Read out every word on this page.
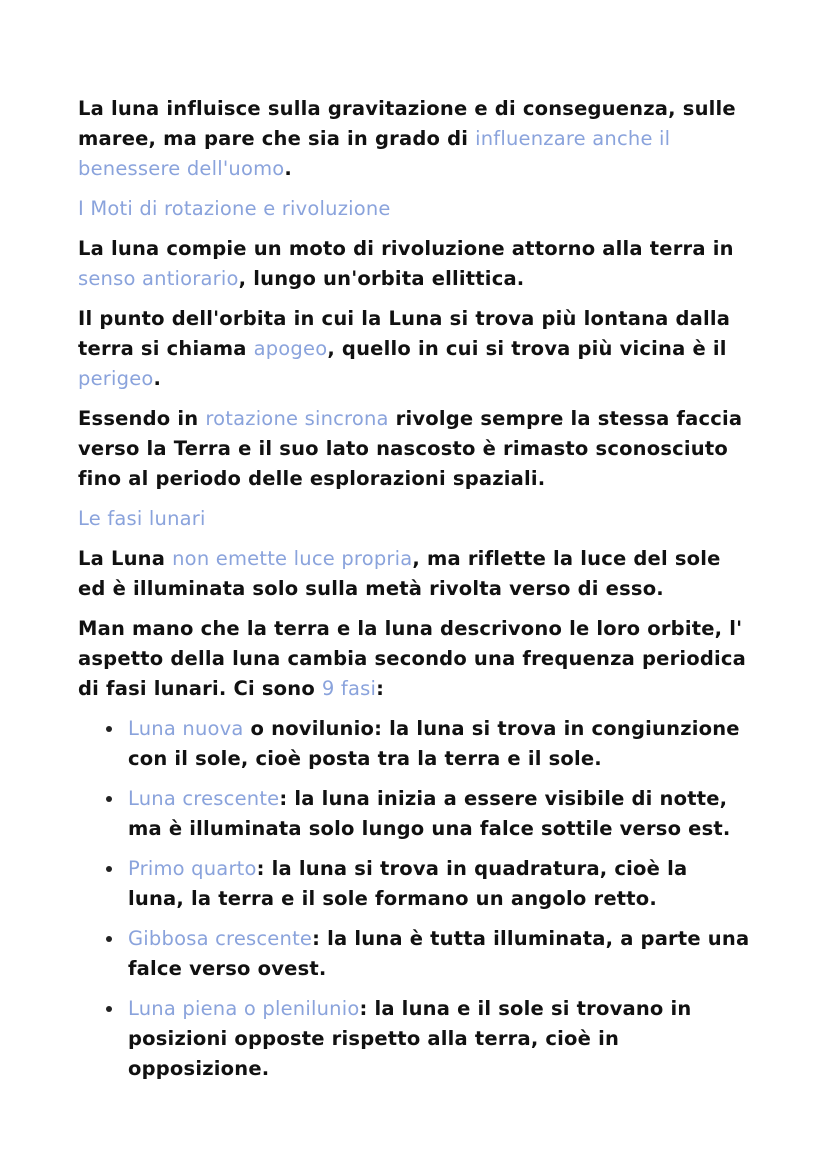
La luna influisce sulla gravitazione e di conseguenza, sulle maree, ma pare che sia in grado di influenzare anche il benessere dell'uomo.

I Moti di rotazione e rivoluzione

La luna compie un moto di rivoluzione attorno alla terra in senso antiorario, lungo un'orbita ellittica.

Il punto dell'orbita in cui la Luna si trova più lontana dalla terra si chiama apogeo, quello in cui si trova più vicina è il perigeo.

Essendo in rotazione sincrona rivolge sempre la stessa faccia verso la Terra e il suo lato nascosto è rimasto sconosciuto fino al periodo delle esplorazioni spaziali.

Le fasi lunari

La Luna non emette luce propria, ma riflette la luce del sole ed è illuminata solo sulla metà rivolta verso di esso.

Man mano che la terra e la luna descrivono le loro orbite, l' aspetto della luna cambia secondo una frequenza periodica di fasi lunari. Ci sono 9 fasi:

Luna nuova o novilunio: la luna si trova in congiunzione con il sole, cioè posta tra la terra e il sole.
Luna crescente: la luna inizia a essere visibile di notte, ma è illuminata solo lungo una falce sottile verso est.
Primo quarto: la luna si trova in quadratura, cioè la luna, la terra e il sole formano un angolo retto.
Gibbosa crescente: la luna è tutta illuminata, a parte una falce verso ovest.
Luna piena o plenilunio: la luna e il sole si trovano in posizioni opposte rispetto alla terra, cioè in opposizione.
